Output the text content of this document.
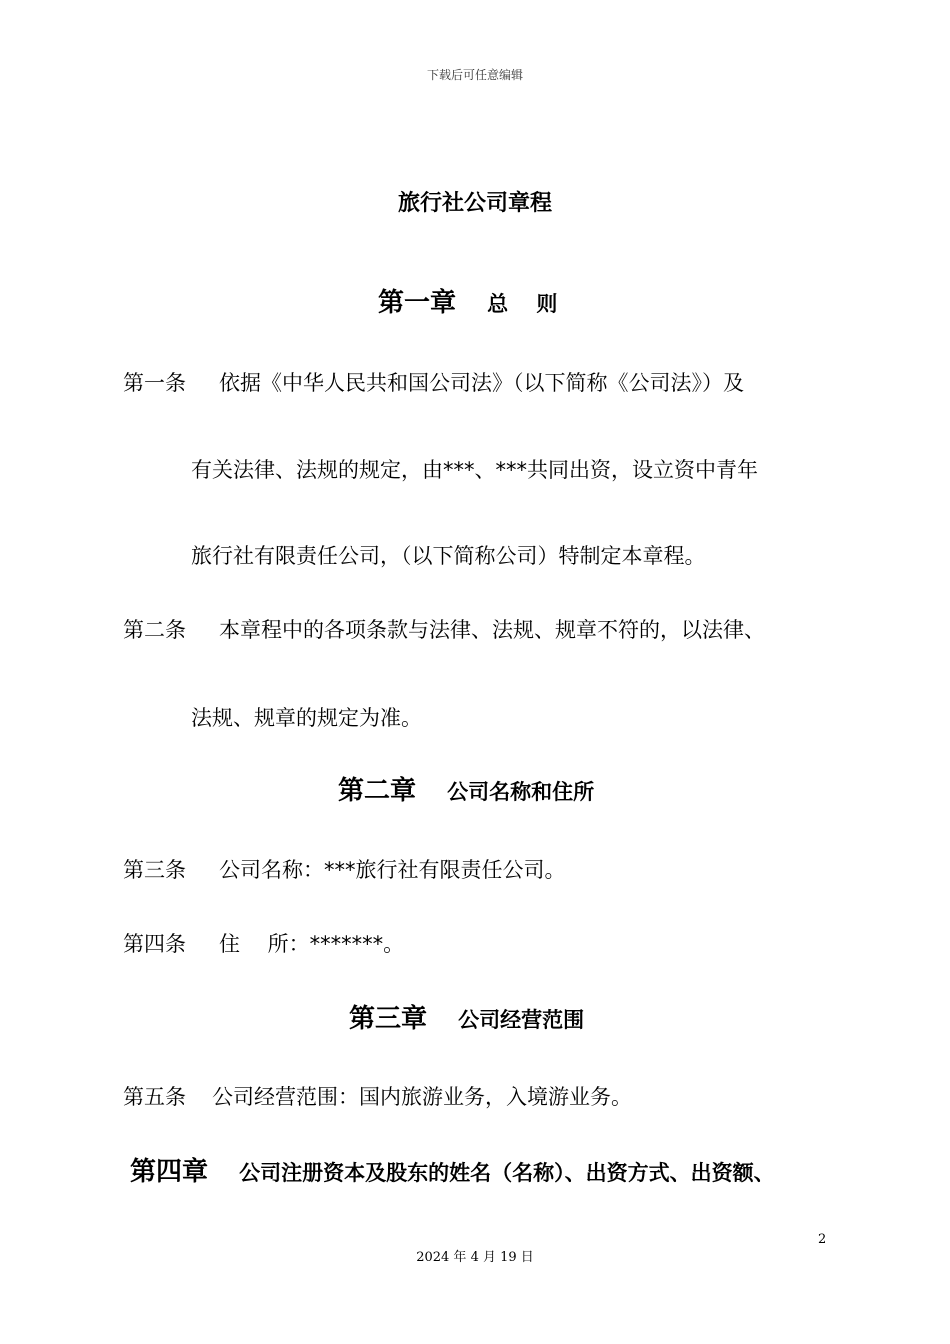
下载后可任意编辑
旅行社公司章程
第一章 总　 则
第一条 依据《中华人民共和国公司法》（以下简称《公司法》）及
有关法律、法规的规定，由***、***共同出资，设立资中青年
旅行社有限责任公司，（以下简称公司）特制定本章程。
第二条 本章程中的各项条款与法律、法规、规章不符的，以法律、
法规、规章的规定为准。
第二章 公司名称和住所
第三条 公司名称：***旅行社有限责任公司。
第四条 住　 所：*******。
第三章 公司经营范围
第五条 公司经营范围：国内旅游业务，入境游业务。
第四章 公司注册资本及股东的姓名（名称）、出资方式、出资额、
2
2024 年 4 月 19 日
